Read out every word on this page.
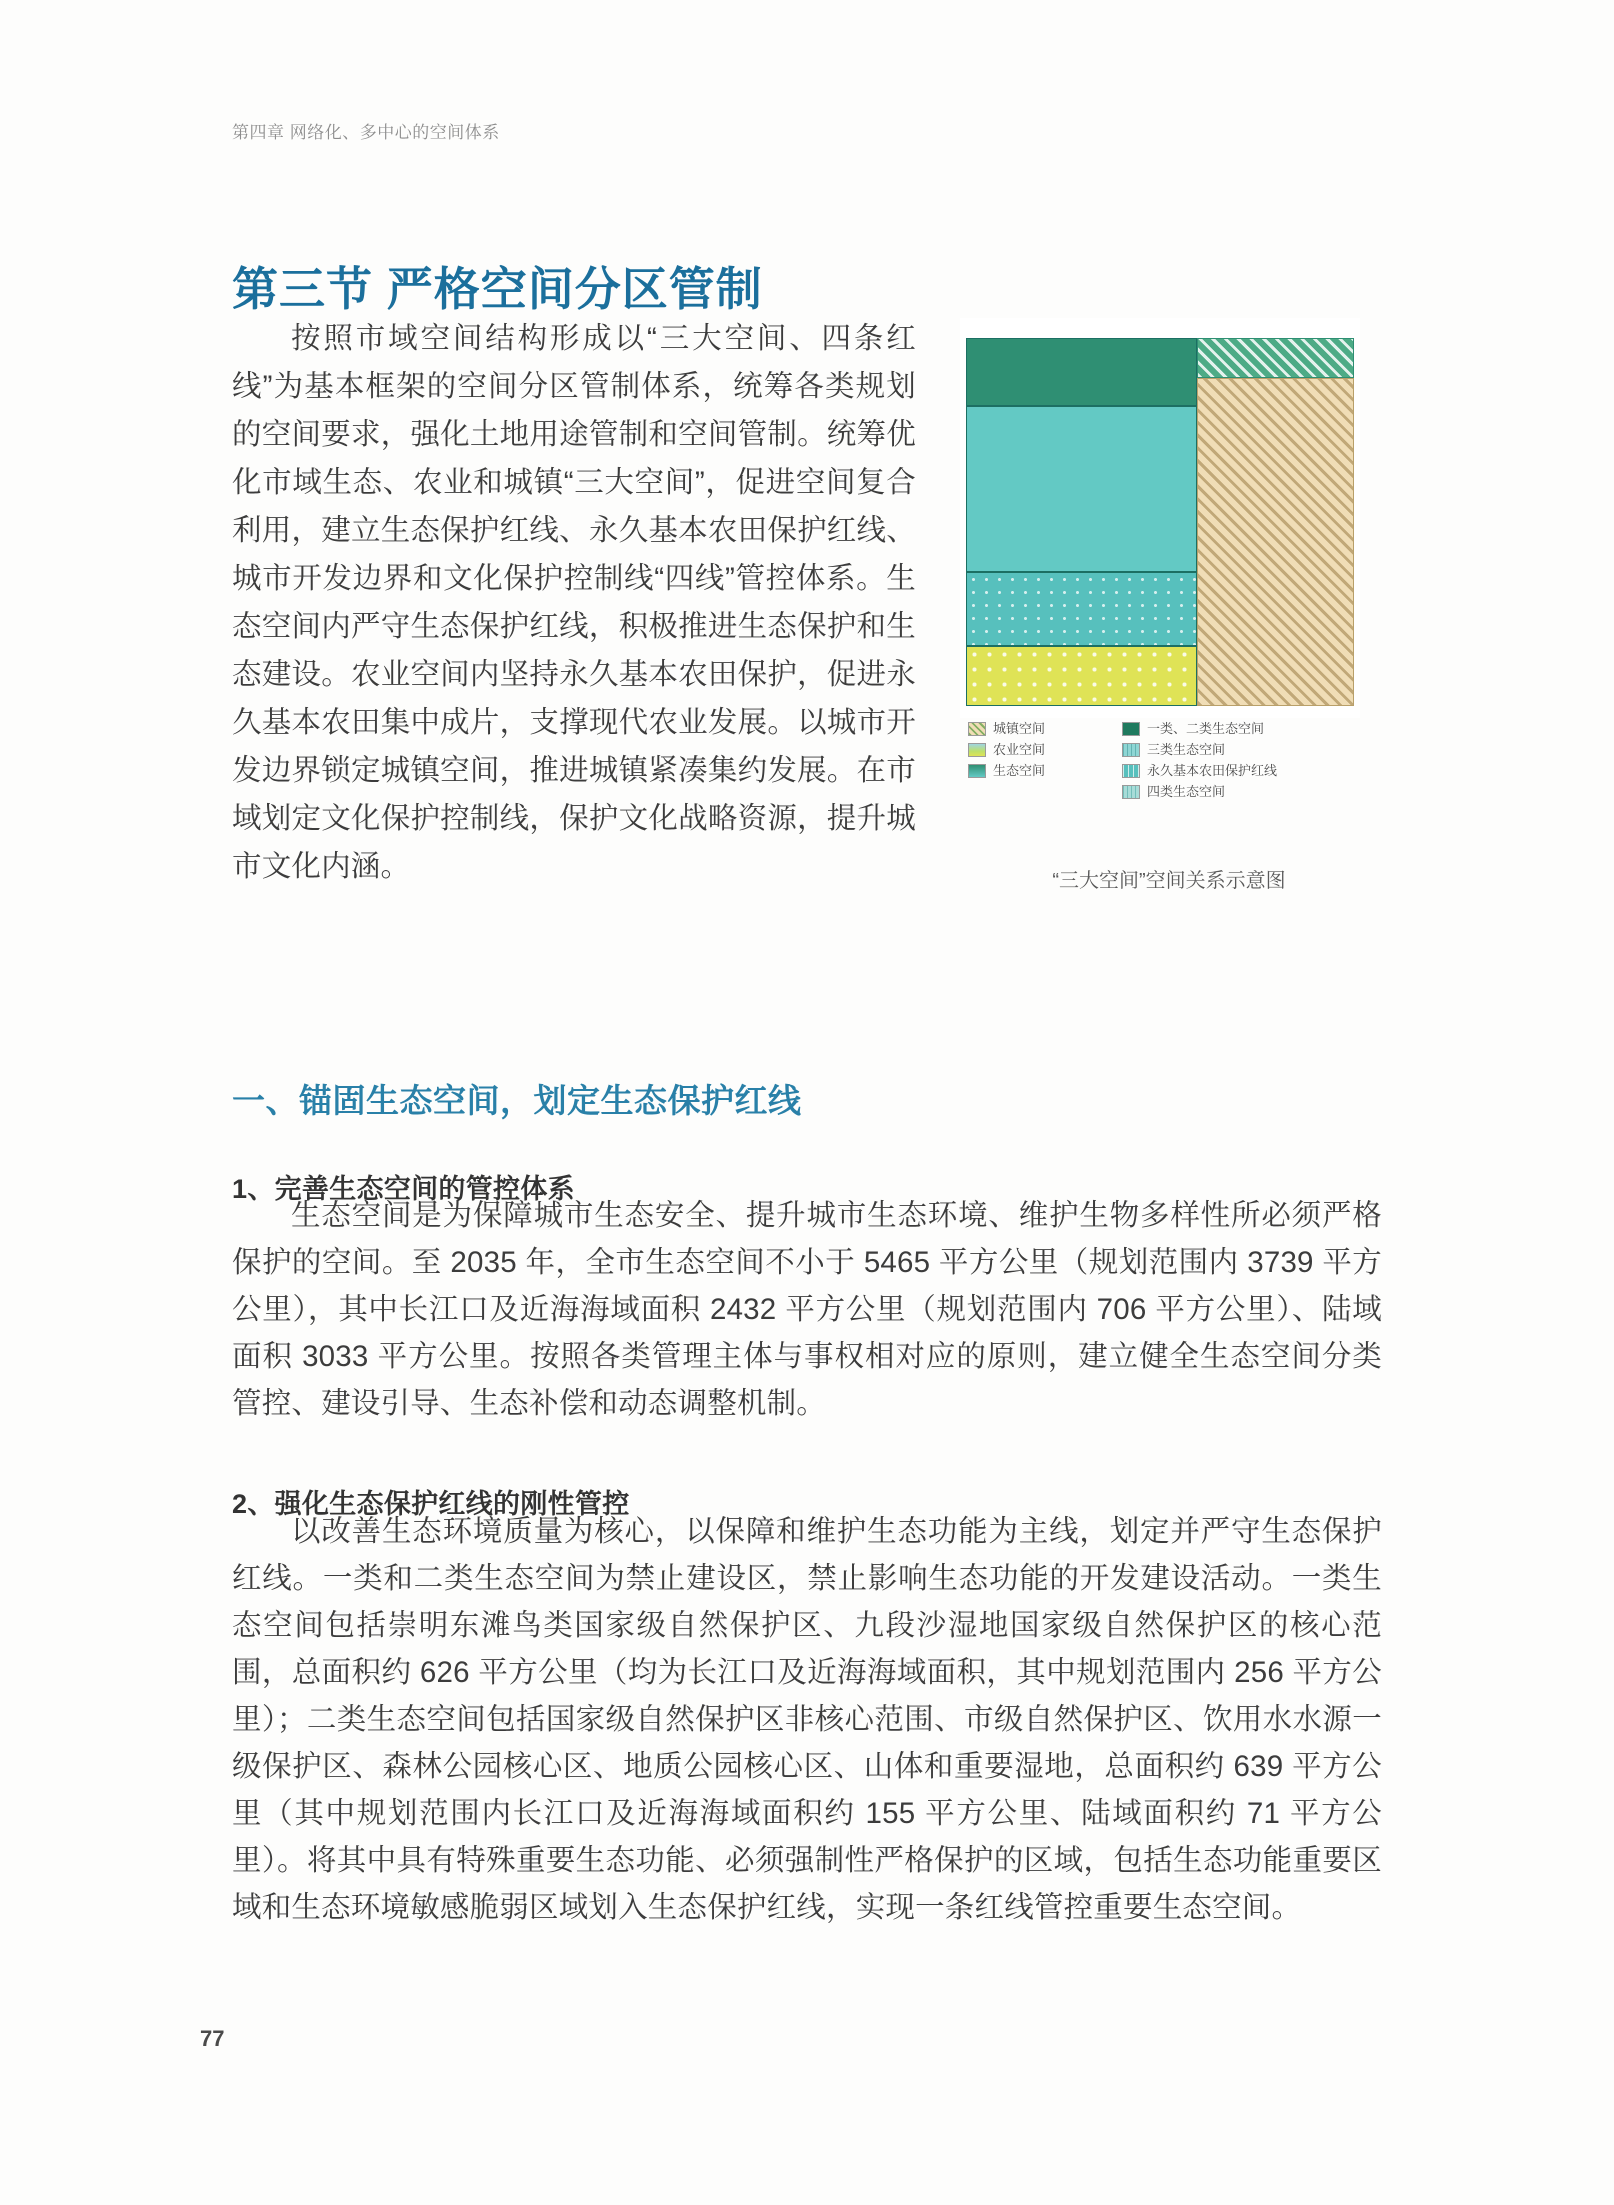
第四章 网络化、多中心的空间体系
第三节 严格空间分区管制

按照市域空间结构形成以“三大空间、四条红线”为基本框架的空间分区管制体系，统筹各类规划的空间要求，强化土地用途管制和空间管制。统筹优化市域生态、农业和城镇“三大空间”，促进空间复合利用，建立生态保护红线、永久基本农田保护红线、城市开发边界和文化保护控制线“四线”管控体系。生态空间内严守生态保护红线，积极推进生态保护和生态建设。农业空间内坚持永久基本农田保护，促进永久基本农田集中成片，支撑现代农业发展。以城市开发边界锁定城镇空间，推进城镇紧凑集约发展。在市域划定文化保护控制线，保护文化战略资源，提升城市文化内涵。

城镇空间
农业空间
生态空间
一类、二类生态空间
三类生态空间
永久基本农田保护红线
四类生态空间
“三大空间”空间关系示意图
一、锚固生态空间，划定生态保护红线
1、完善生态空间的管控体系

生态空间是为保障城市生态安全、提升城市生态环境、维护生物多样性所必须严格保护的空间。至 2035 年，全市生态空间不小于 5465 平方公里（规划范围内 3739 平方公里），其中长江口及近海海域面积 2432 平方公里（规划范围内 706 平方公里）、陆域面积 3033 平方公里。按照各类管理主体与事权相对应的原则，建立健全生态空间分类管控、建设引导、生态补偿和动态调整机制。

2、强化生态保护红线的刚性管控

以改善生态环境质量为核心，以保障和维护生态功能为主线，划定并严守生态保护红线。一类和二类生态空间为禁止建设区，禁止影响生态功能的开发建设活动。一类生态空间包括崇明东滩鸟类国家级自然保护区、九段沙湿地国家级自然保护区的核心范围，总面积约 626 平方公里（均为长江口及近海海域面积，其中规划范围内 256 平方公里）；二类生态空间包括国家级自然保护区非核心范围、市级自然保护区、饮用水水源一级保护区、森林公园核心区、地质公园核心区、山体和重要湿地，总面积约 639 平方公里（其中规划范围内长江口及近海海域面积约 155 平方公里、陆域面积约 71 平方公里）。将其中具有特殊重要生态功能、必须强制性严格保护的区域，包括生态功能重要区域和生态环境敏感脆弱区域划入生态保护红线，实现一条红线管控重要生态空间。

77
